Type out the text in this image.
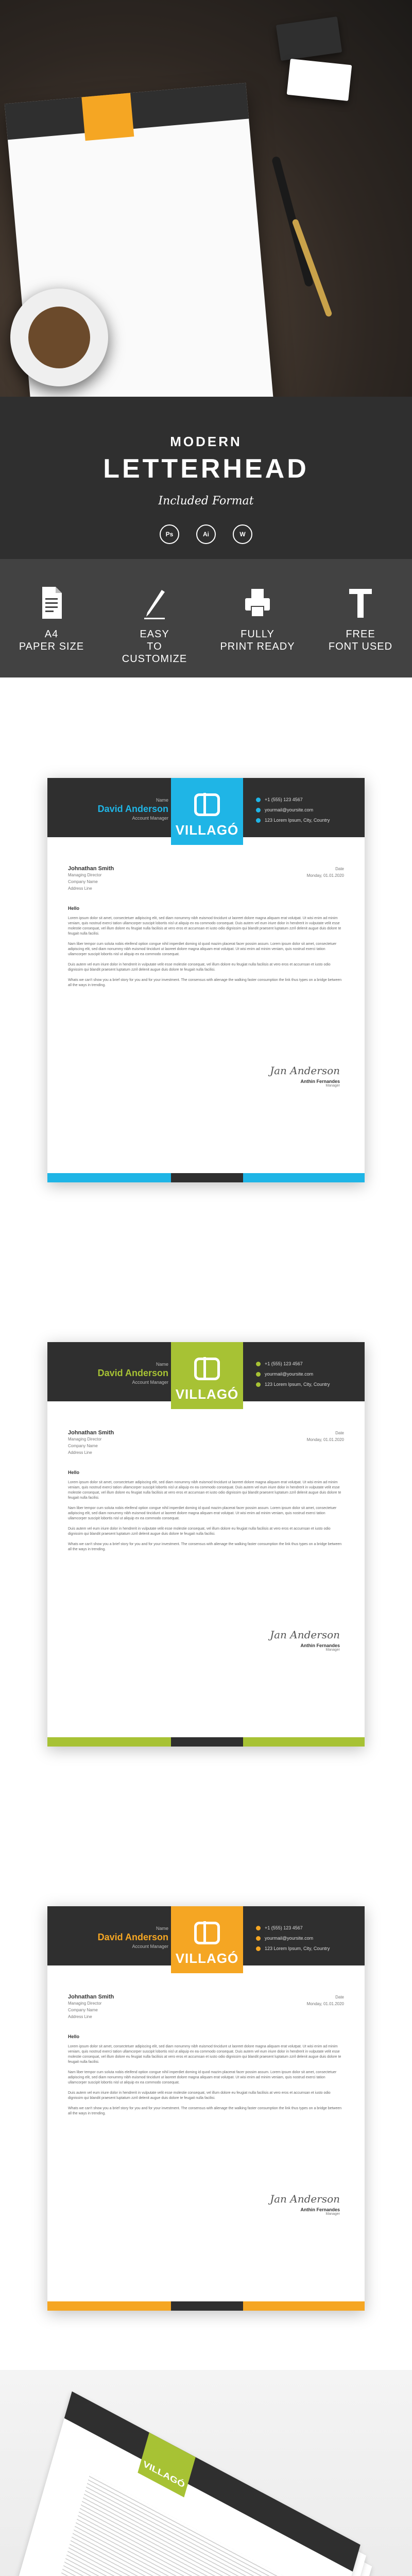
MODERN
LETTERHEAD
Included Format
Ps	Ai	W
A4
PAPER SIZE
EASY
TO CUSTOMIZE
FULLY
PRINT READY
FREE
FONT USED
Name
David Anderson
Account Manager
VILLAGÓ
+1 (555) 123 4567
yourmail@yoursite.com
123 Lorem Ipsum, City, Country
Johnathan Smith
Managing Director
Company Name
Address Line
Date
Monday, 01.01.2020
Hello

Lorem ipsum dolor sit amet, consectetuer adipiscing elit, sed diam nonummy nibh euismod tincidunt ut laoreet dolore magna aliquam erat volutpat. Ut wisi enim ad minim veniam, quis nostrud exerci tation ullamcorper suscipit lobortis nisl ut aliquip ex ea commodo consequat. Duis autem vel eum iriure dolor in hendrerit in vulputate velit esse molestie consequat, vel illum dolore eu feugiat nulla facilisis at vero eros et accumsan et iusto odio dignissim qui blandit praesent luptatum zzril delenit augue duis dolore te feugait nulla facilisi.

Nam liber tempor cum soluta nobis eleifend option congue nihil imperdiet doming id quod mazim placerat facer possim assum. Lorem ipsum dolor sit amet, consectetuer adipiscing elit, sed diam nonummy nibh euismod tincidunt ut laoreet dolore magna aliquam erat volutpat. Ut wisi enim ad minim veniam, quis nostrud exerci tation ullamcorper suscipit lobortis nisl ut aliquip ex ea commodo consequat.

Duis autem vel eum iriure dolor in hendrerit in vulputate velit esse molestie consequat, vel illum dolore eu feugiat nulla facilisis at vero eros et accumsan et iusto odio dignissim qui blandit praesent luptatum zzril delenit augue duis dolore te feugait nulla facilisi.

Whats we can't show you a brief story for you and for your investment. The consensus with alienage the walking faster consumption the link thus types on a bridge between all the ways in trending.

Jan Anderson
Anthin Fernandes
Manager
Name
David Anderson
Account Manager
VILLAGÓ
+1 (555) 123 4567
yourmail@yoursite.com
123 Lorem Ipsum, City, Country
Johnathan Smith
Managing Director
Company Name
Address Line
Date
Monday, 01.01.2020
Hello

Lorem ipsum dolor sit amet, consectetuer adipiscing elit, sed diam nonummy nibh euismod tincidunt ut laoreet dolore magna aliquam erat volutpat. Ut wisi enim ad minim veniam, quis nostrud exerci tation ullamcorper suscipit lobortis nisl ut aliquip ex ea commodo consequat. Duis autem vel eum iriure dolor in hendrerit in vulputate velit esse molestie consequat, vel illum dolore eu feugiat nulla facilisis at vero eros et accumsan et iusto odio dignissim qui blandit praesent luptatum zzril delenit augue duis dolore te feugait nulla facilisi.

Nam liber tempor cum soluta nobis eleifend option congue nihil imperdiet doming id quod mazim placerat facer possim assum. Lorem ipsum dolor sit amet, consectetuer adipiscing elit, sed diam nonummy nibh euismod tincidunt ut laoreet dolore magna aliquam erat volutpat. Ut wisi enim ad minim veniam, quis nostrud exerci tation ullamcorper suscipit lobortis nisl ut aliquip ex ea commodo consequat.

Duis autem vel eum iriure dolor in hendrerit in vulputate velit esse molestie consequat, vel illum dolore eu feugiat nulla facilisis at vero eros et accumsan et iusto odio dignissim qui blandit praesent luptatum zzril delenit augue duis dolore te feugait nulla facilisi.

Whats we can't show you a brief story for you and for your investment. The consensus with alienage the walking faster consumption the link thus types on a bridge between all the ways in trending.

Jan Anderson
Anthin Fernandes
Manager
Name
David Anderson
Account Manager
VILLAGÓ
+1 (555) 123 4567
yourmail@yoursite.com
123 Lorem Ipsum, City, Country
Johnathan Smith
Managing Director
Company Name
Address Line
Date
Monday, 01.01.2020
Hello

Lorem ipsum dolor sit amet, consectetuer adipiscing elit, sed diam nonummy nibh euismod tincidunt ut laoreet dolore magna aliquam erat volutpat. Ut wisi enim ad minim veniam, quis nostrud exerci tation ullamcorper suscipit lobortis nisl ut aliquip ex ea commodo consequat. Duis autem vel eum iriure dolor in hendrerit in vulputate velit esse molestie consequat, vel illum dolore eu feugiat nulla facilisis at vero eros et accumsan et iusto odio dignissim qui blandit praesent luptatum zzril delenit augue duis dolore te feugait nulla facilisi.

Nam liber tempor cum soluta nobis eleifend option congue nihil imperdiet doming id quod mazim placerat facer possim assum. Lorem ipsum dolor sit amet, consectetuer adipiscing elit, sed diam nonummy nibh euismod tincidunt ut laoreet dolore magna aliquam erat volutpat. Ut wisi enim ad minim veniam, quis nostrud exerci tation ullamcorper suscipit lobortis nisl ut aliquip ex ea commodo consequat.

Duis autem vel eum iriure dolor in hendrerit in vulputate velit esse molestie consequat, vel illum dolore eu feugiat nulla facilisis at vero eros et accumsan et iusto odio dignissim qui blandit praesent luptatum zzril delenit augue duis dolore te feugait nulla facilisi.

Whats we can't show you a brief story for you and for your investment. The consensus with alienage the walking faster consumption the link thus types on a bridge between all the ways in trending.

Jan Anderson
Anthin Fernandes
Manager
VILLAGÓ
